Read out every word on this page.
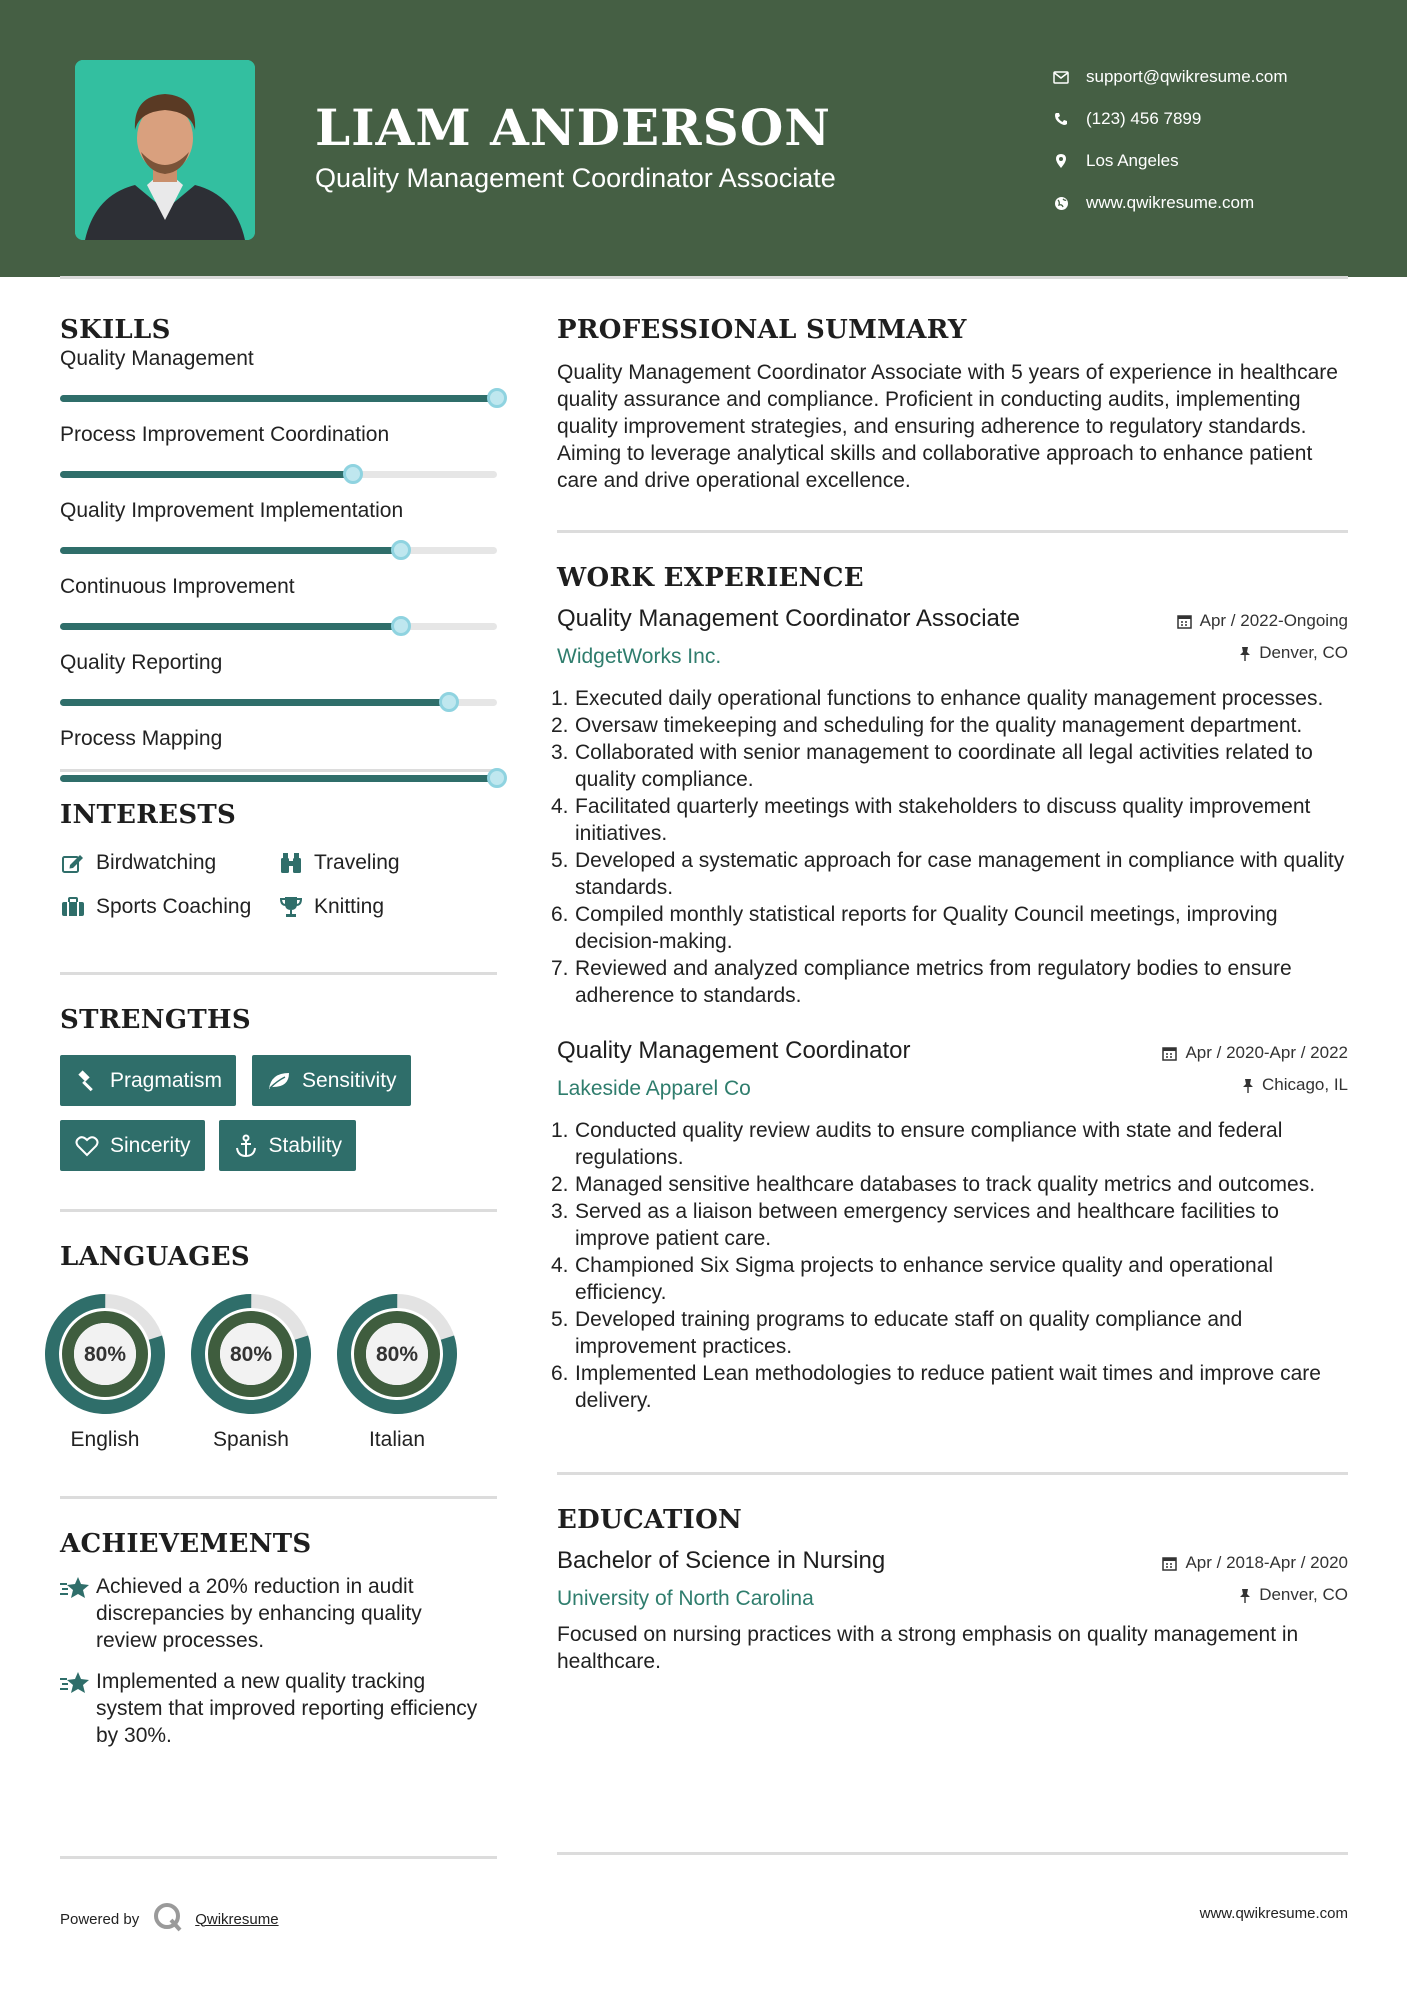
LIAM ANDERSON
Quality Management Coordinator Associate
support@qwikresume.com
(123) 456 7899
Los Angeles
www.qwikresume.com
SKILLS
Quality Management
Process Improvement Coordination
Quality Improvement Implementation
Continuous Improvement
Quality Reporting
Process Mapping
INTERESTS
Birdwatching	Traveling
Sports Coaching	Knitting
STRENGTHS
Pragmatism	Sensitivity
Sincerity	Stability
LANGUAGES
80%
English
80%
Spanish
80%
Italian
ACHIEVEMENTS
Achieved a 20% reduction in audit discrepancies by enhancing quality review processes.
Implemented a new quality tracking system that improved reporting efficiency by 30%.
PROFESSIONAL SUMMARY
Quality Management Coordinator Associate with 5 years of experience in healthcare quality assurance and compliance. Proficient in conducting audits, implementing quality improvement strategies, and ensuring adherence to regulatory standards. Aiming to leverage analytical skills and collaborative approach to enhance patient care and drive operational excellence.
WORK EXPERIENCE
Quality Management Coordinator Associate	Apr / 2022-Ongoing
WidgetWorks Inc.	Denver, CO
1. Executed daily operational functions to enhance quality management processes.
2. Oversaw timekeeping and scheduling for the quality management department.
3. Collaborated with senior management to coordinate all legal activities related to quality compliance.
4. Facilitated quarterly meetings with stakeholders to discuss quality improvement initiatives.
5. Developed a systematic approach for case management in compliance with quality standards.
6. Compiled monthly statistical reports for Quality Council meetings, improving decision-making.
7. Reviewed and analyzed compliance metrics from regulatory bodies to ensure adherence to standards.
Quality Management Coordinator	Apr / 2020-Apr / 2022
Lakeside Apparel Co	Chicago, IL
1. Conducted quality review audits to ensure compliance with state and federal regulations.
2. Managed sensitive healthcare databases to track quality metrics and outcomes.
3. Served as a liaison between emergency services and healthcare facilities to improve patient care.
4. Championed Six Sigma projects to enhance service quality and operational efficiency.
5. Developed training programs to educate staff on quality compliance and improvement practices.
6. Implemented Lean methodologies to reduce patient wait times and improve care delivery.
EDUCATION
Bachelor of Science in Nursing	Apr / 2018-Apr / 2020
University of North Carolina	Denver, CO
Focused on nursing practices with a strong emphasis on quality management in healthcare.
Powered by	Qwikresume	www.qwikresume.com
